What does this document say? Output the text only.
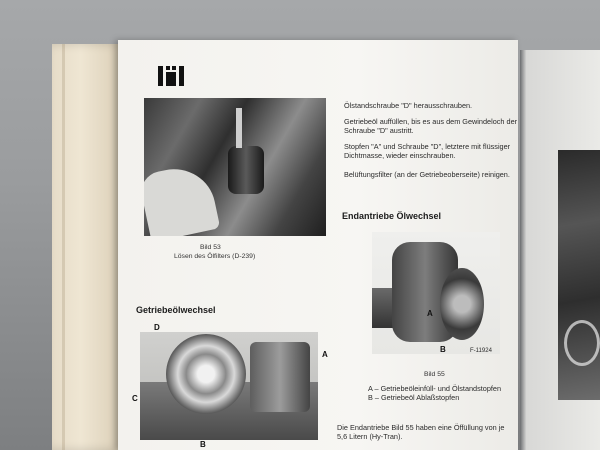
Bild 53
Lösen des Ölfilters (D-239)
Getriebeölwechsel
D
C
A
B
Ölstandschraube "D" herausschrauben.
Getriebeöl auffüllen, bis es aus dem Gewindeloch der
Schraube "D" austritt.
Stopfen "A" und Schraube "D", letztere mit flüssiger
Dichtmasse, wieder einschrauben.
Belüftungsfilter (an der Getriebeoberseite) reinigen.
Endantriebe Ölwechsel
A
B	F-11924
Bild 55
A – Getriebeöleinfüll- und Ölstandstopfen
B – Getriebeöl Ablaßstopfen
Die Endantriebe Bild 55 haben eine Öffüllung von je
5,6 Litern (Hy-Tran).
